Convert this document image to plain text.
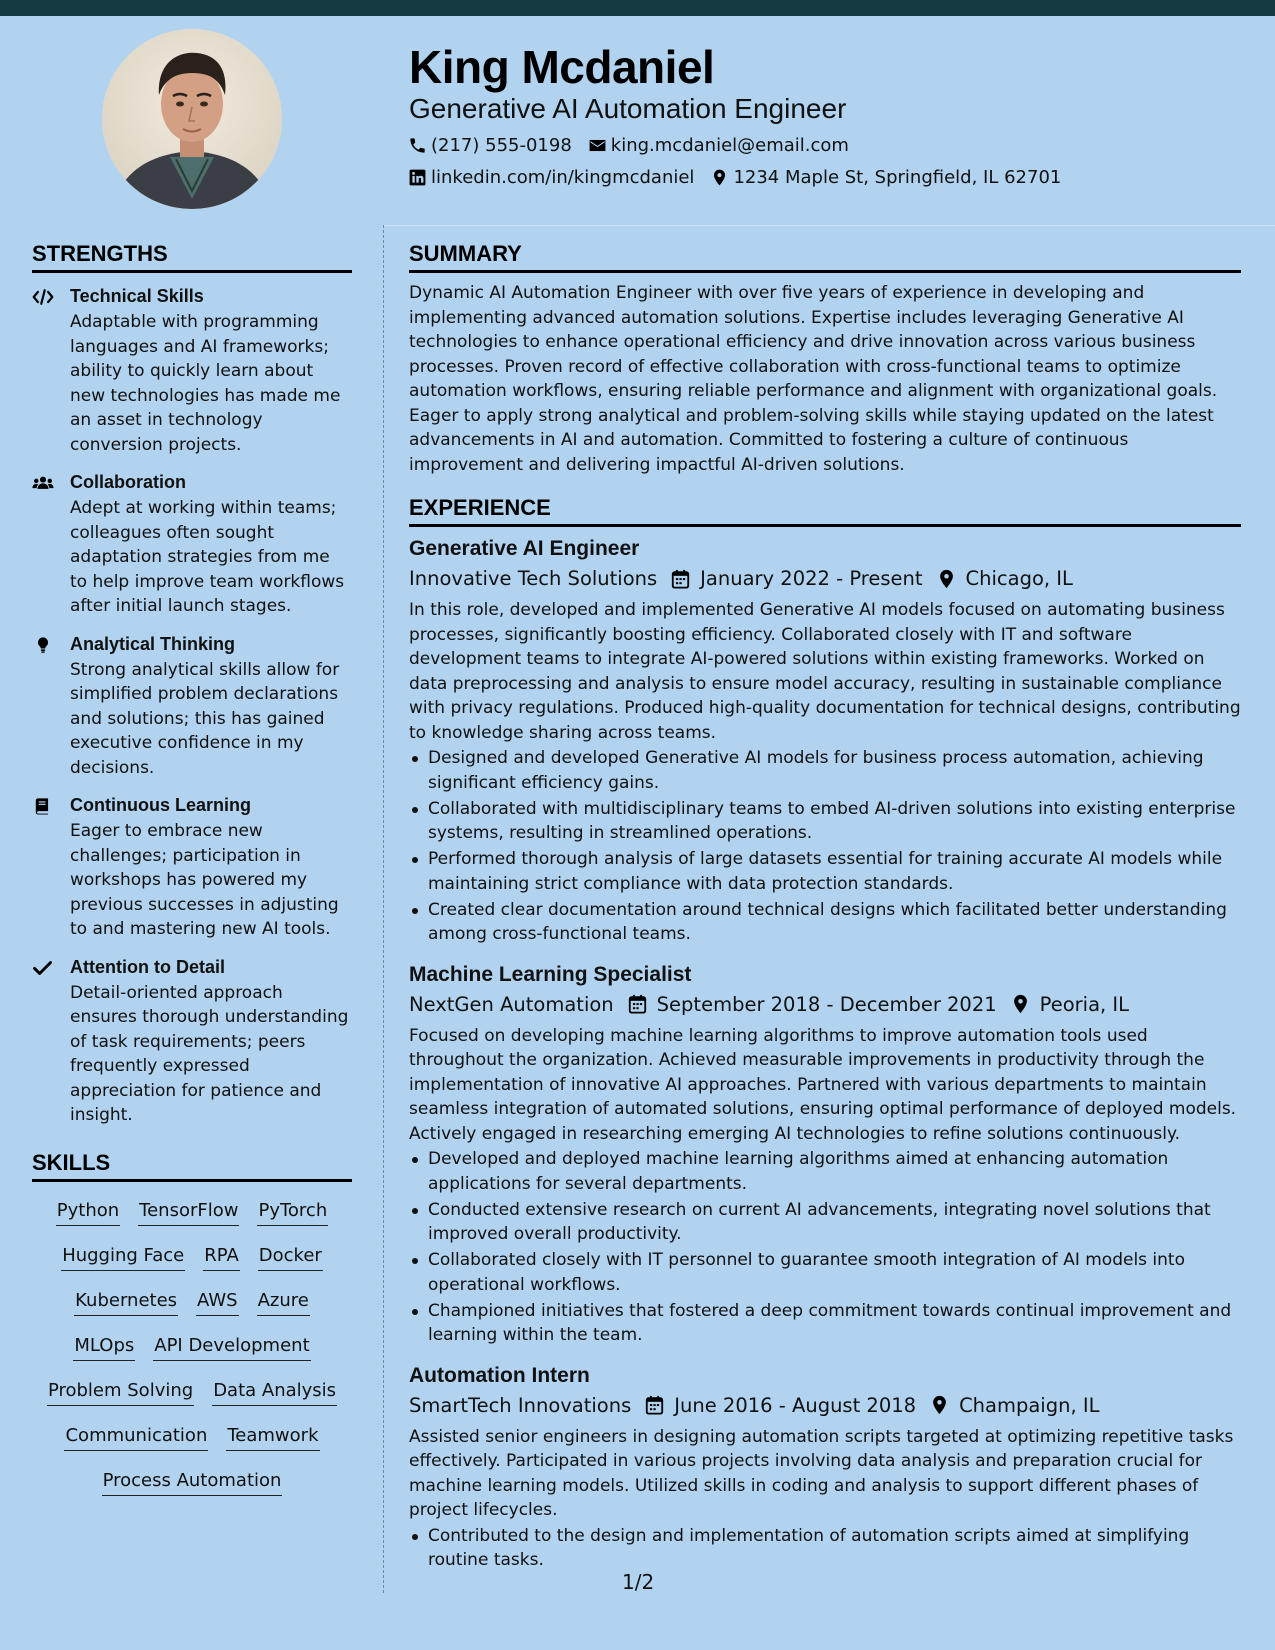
King Mcdaniel
Generative AI Automation Engineer
(217) 555-0198 king.mcdaniel@email.com
linkedin.com/in/kingmcdaniel 1234 Maple St, Springfield, IL 62701
STRENGTHS
Technical Skills
Adaptable with programming languages and AI frameworks; ability to quickly learn about new technologies has made me an asset in technology conversion projects.
Collaboration
Adept at working within teams; colleagues often sought adaptation strategies from me to help improve team workflows after initial launch stages.
Analytical Thinking
Strong analytical skills allow for simplified problem declarations and solutions; this has gained executive confidence in my decisions.
Continuous Learning
Eager to embrace new challenges; participation in workshops has powered my previous successes in adjusting to and mastering new AI tools.
Attention to Detail
Detail-oriented approach ensures thorough understanding of task requirements; peers frequently expressed appreciation for patience and insight.
SKILLS
Python TensorFlow PyTorch
Hugging Face RPA Docker
Kubernetes AWS Azure
MLOps API Development
Problem Solving Data Analysis
Communication Teamwork
Process Automation
SUMMARY

Dynamic AI Automation Engineer with over five years of experience in developing and implementing advanced automation solutions. Expertise includes leveraging Generative AI technologies to enhance operational efficiency and drive innovation across various business processes. Proven record of effective collaboration with cross-functional teams to optimize automation workflows, ensuring reliable performance and alignment with organizational goals. Eager to apply strong analytical and problem-solving skills while staying updated on the latest advancements in AI and automation. Committed to fostering a culture of continuous improvement and delivering impactful AI-driven solutions.

EXPERIENCE
Generative AI Engineer
Innovative Tech Solutions January 2022 - Present Chicago, IL

In this role, developed and implemented Generative AI models focused on automating business processes, significantly boosting efficiency. Collaborated closely with IT and software development teams to integrate AI-powered solutions within existing frameworks. Worked on data preprocessing and analysis to ensure model accuracy, resulting in sustainable compliance with privacy regulations. Produced high-quality documentation for technical designs, contributing to knowledge sharing across teams.

Designed and developed Generative AI models for business process automation, achieving significant efficiency gains.
Collaborated with multidisciplinary teams to embed AI-driven solutions into existing enterprise systems, resulting in streamlined operations.
Performed thorough analysis of large datasets essential for training accurate AI models while maintaining strict compliance with data protection standards.
Created clear documentation around technical designs which facilitated better understanding among cross-functional teams.
Machine Learning Specialist
NextGen Automation September 2018 - December 2021 Peoria, IL

Focused on developing machine learning algorithms to improve automation tools used throughout the organization. Achieved measurable improvements in productivity through the implementation of innovative AI approaches. Partnered with various departments to maintain seamless integration of automated solutions, ensuring optimal performance of deployed models. Actively engaged in researching emerging AI technologies to refine solutions continuously.

Developed and deployed machine learning algorithms aimed at enhancing automation applications for several departments.
Conducted extensive research on current AI advancements, integrating novel solutions that improved overall productivity.
Collaborated closely with IT personnel to guarantee smooth integration of AI models into operational workflows.
Championed initiatives that fostered a deep commitment towards continual improvement and learning within the team.
Automation Intern
SmartTech Innovations June 2016 - August 2018 Champaign, IL

Assisted senior engineers in designing automation scripts targeted at optimizing repetitive tasks effectively. Participated in various projects involving data analysis and preparation crucial for machine learning models. Utilized skills in coding and analysis to support different phases of project lifecycles.

Contributed to the design and implementation of automation scripts aimed at simplifying routine tasks.
1/2
